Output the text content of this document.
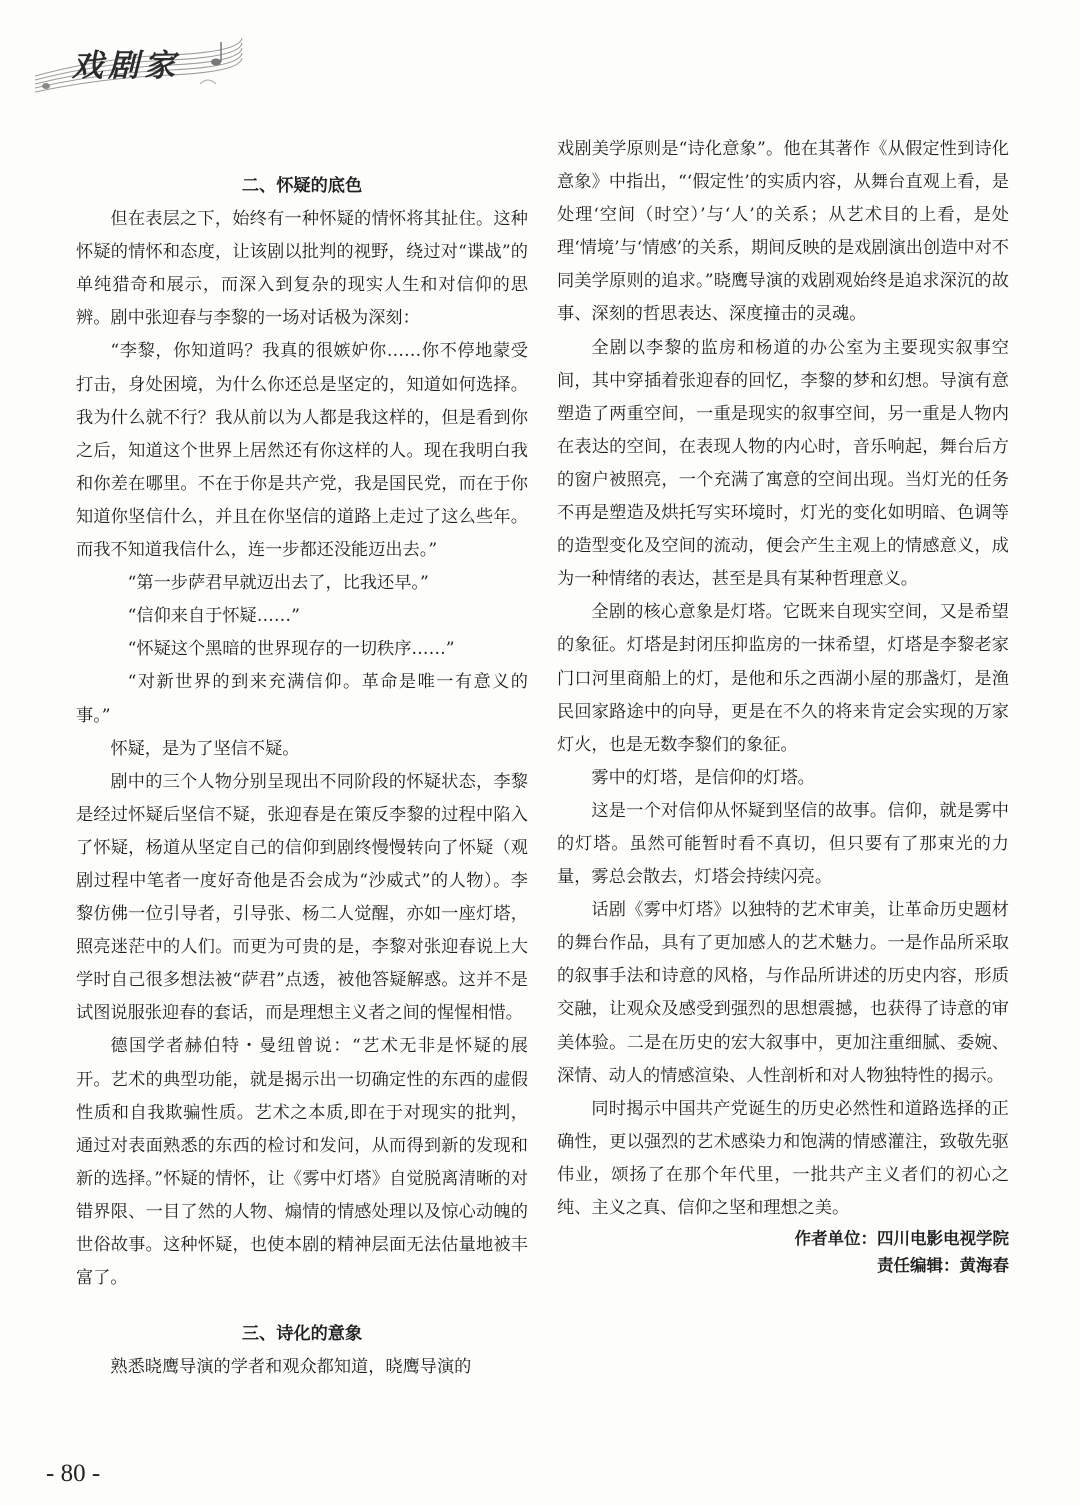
戏剧家
二、怀疑的底色

但在表层之下，始终有一种怀疑的情怀将其扯住。这种怀疑的情怀和态度，让该剧以批判的视野，绕过对“谍战”的单纯猎奇和展示，而深入到复杂的现实人生和对信仰的思辨。剧中张迎春与李黎的一场对话极为深刻：

“李黎，你知道吗？我真的很嫉妒你……你不停地蒙受打击，身处困境，为什么你还总是坚定的，知道如何选择。我为什么就不行？我从前以为人都是我这样的，但是看到你之后，知道这个世界上居然还有你这样的人。现在我明白我和你差在哪里。不在于你是共产党，我是国民党，而在于你知道你坚信什么，并且在你坚信的道路上走过了这么些年。而我不知道我信什么，连一步都还没能迈出去。”

“第一步萨君早就迈出去了，比我还早。”

“信仰来自于怀疑……”

“怀疑这个黑暗的世界现存的一切秩序……”

“对新世界的到来充满信仰。革命是唯一有意义的事。”

怀疑，是为了坚信不疑。

剧中的三个人物分别呈现出不同阶段的怀疑状态，李黎是经过怀疑后坚信不疑，张迎春是在策反李黎的过程中陷入了怀疑，杨道从坚定自己的信仰到剧终慢慢转向了怀疑（观剧过程中笔者一度好奇他是否会成为“沙威式”的人物）。李黎仿佛一位引导者，引导张、杨二人觉醒，亦如一座灯塔，照亮迷茫中的人们。而更为可贵的是，李黎对张迎春说上大学时自己很多想法被“萨君”点透，被他答疑解惑。这并不是试图说服张迎春的套话，而是理想主义者之间的惺惺相惜。

德国学者赫伯特・曼纽曾说：“艺术无非是怀疑的展开。艺术的典型功能，就是揭示出一切确定性的东西的虚假性质和自我欺骗性质。艺术之本质,即在于对现实的批判，通过对表面熟悉的东西的检讨和发问，从而得到新的发现和新的选择。”怀疑的情怀，让《雾中灯塔》自觉脱离清晰的对错界限、一目了然的人物、煽情的情感处理以及惊心动魄的世俗故事。这种怀疑，也使本剧的精神层面无法估量地被丰富了。

三、诗化的意象

熟悉晓鹰导演的学者和观众都知道，晓鹰导演的

戏剧美学原则是“诗化意象”。他在其著作《从假定性到诗化意象》中指出，“‘假定性’的实质内容，从舞台直观上看，是处理‘空间（时空）’与‘人’的关系；从艺术目的上看，是处理‘情境’与‘情感’的关系，期间反映的是戏剧演出创造中对不同美学原则的追求。”晓鹰导演的戏剧观始终是追求深沉的故事、深刻的哲思表达、深度撞击的灵魂。

全剧以李黎的监房和杨道的办公室为主要现实叙事空间，其中穿插着张迎春的回忆，李黎的梦和幻想。导演有意塑造了两重空间，一重是现实的叙事空间，另一重是人物内在表达的空间，在表现人物的内心时，音乐响起，舞台后方的窗户被照亮，一个充满了寓意的空间出现。当灯光的任务不再是塑造及烘托写实环境时，灯光的变化如明暗、色调等的造型变化及空间的流动，便会产生主观上的情感意义，成为一种情绪的表达，甚至是具有某种哲理意义。

全剧的核心意象是灯塔。它既来自现实空间，又是希望的象征。灯塔是封闭压抑监房的一抹希望，灯塔是李黎老家门口河里商船上的灯，是他和乐之西湖小屋的那盏灯，是渔民回家路途中的向导，更是在不久的将来肯定会实现的万家灯火，也是无数李黎们的象征。

雾中的灯塔，是信仰的灯塔。

这是一个对信仰从怀疑到坚信的故事。信仰，就是雾中的灯塔。虽然可能暂时看不真切，但只要有了那束光的力量，雾总会散去，灯塔会持续闪亮。

话剧《雾中灯塔》以独特的艺术审美，让革命历史题材的舞台作品，具有了更加感人的艺术魅力。一是作品所采取的叙事手法和诗意的风格，与作品所讲述的历史内容，形质交融，让观众及感受到强烈的思想震撼，也获得了诗意的审美体验。二是在历史的宏大叙事中，更加注重细腻、委婉、深情、动人的情感渲染、人性剖析和对人物独特性的揭示。

同时揭示中国共产党诞生的历史必然性和道路选择的正确性，更以强烈的艺术感染力和饱满的情感灌注，致敬先驱伟业，颂扬了在那个年代里，一批共产主义者们的初心之纯、主义之真、信仰之坚和理想之美。

作者单位：四川电影电视学院
责任编辑：黄海春
- 80 -
